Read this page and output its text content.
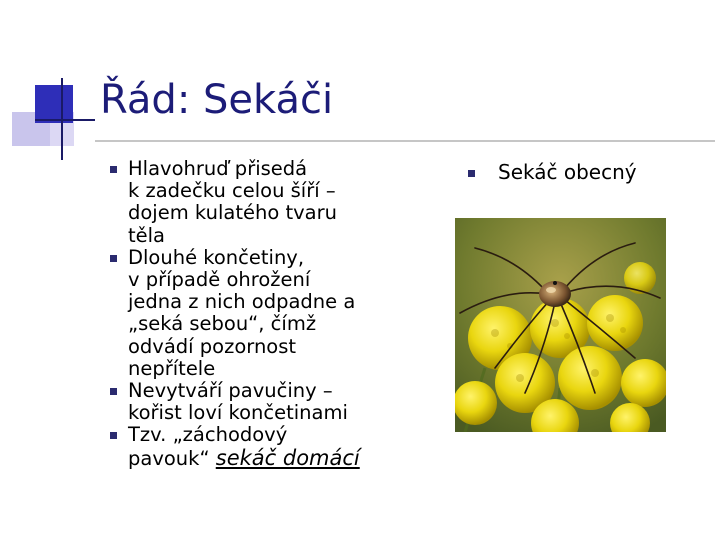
Řád: Sekáči
Hlavohruď přisedá
k zadečku celou šíří –
dojem kulatého tvaru
těla
Dlouhé končetiny,
v případě ohrožení
jedna z nich odpadne a
„seká sebou“, čímž
odvádí pozornost
nepřítele
Nevytváří pavučiny –
kořist loví končetinami
Tzv. „záchodový
pavouk“ sekáč domácí
Sekáč obecný
